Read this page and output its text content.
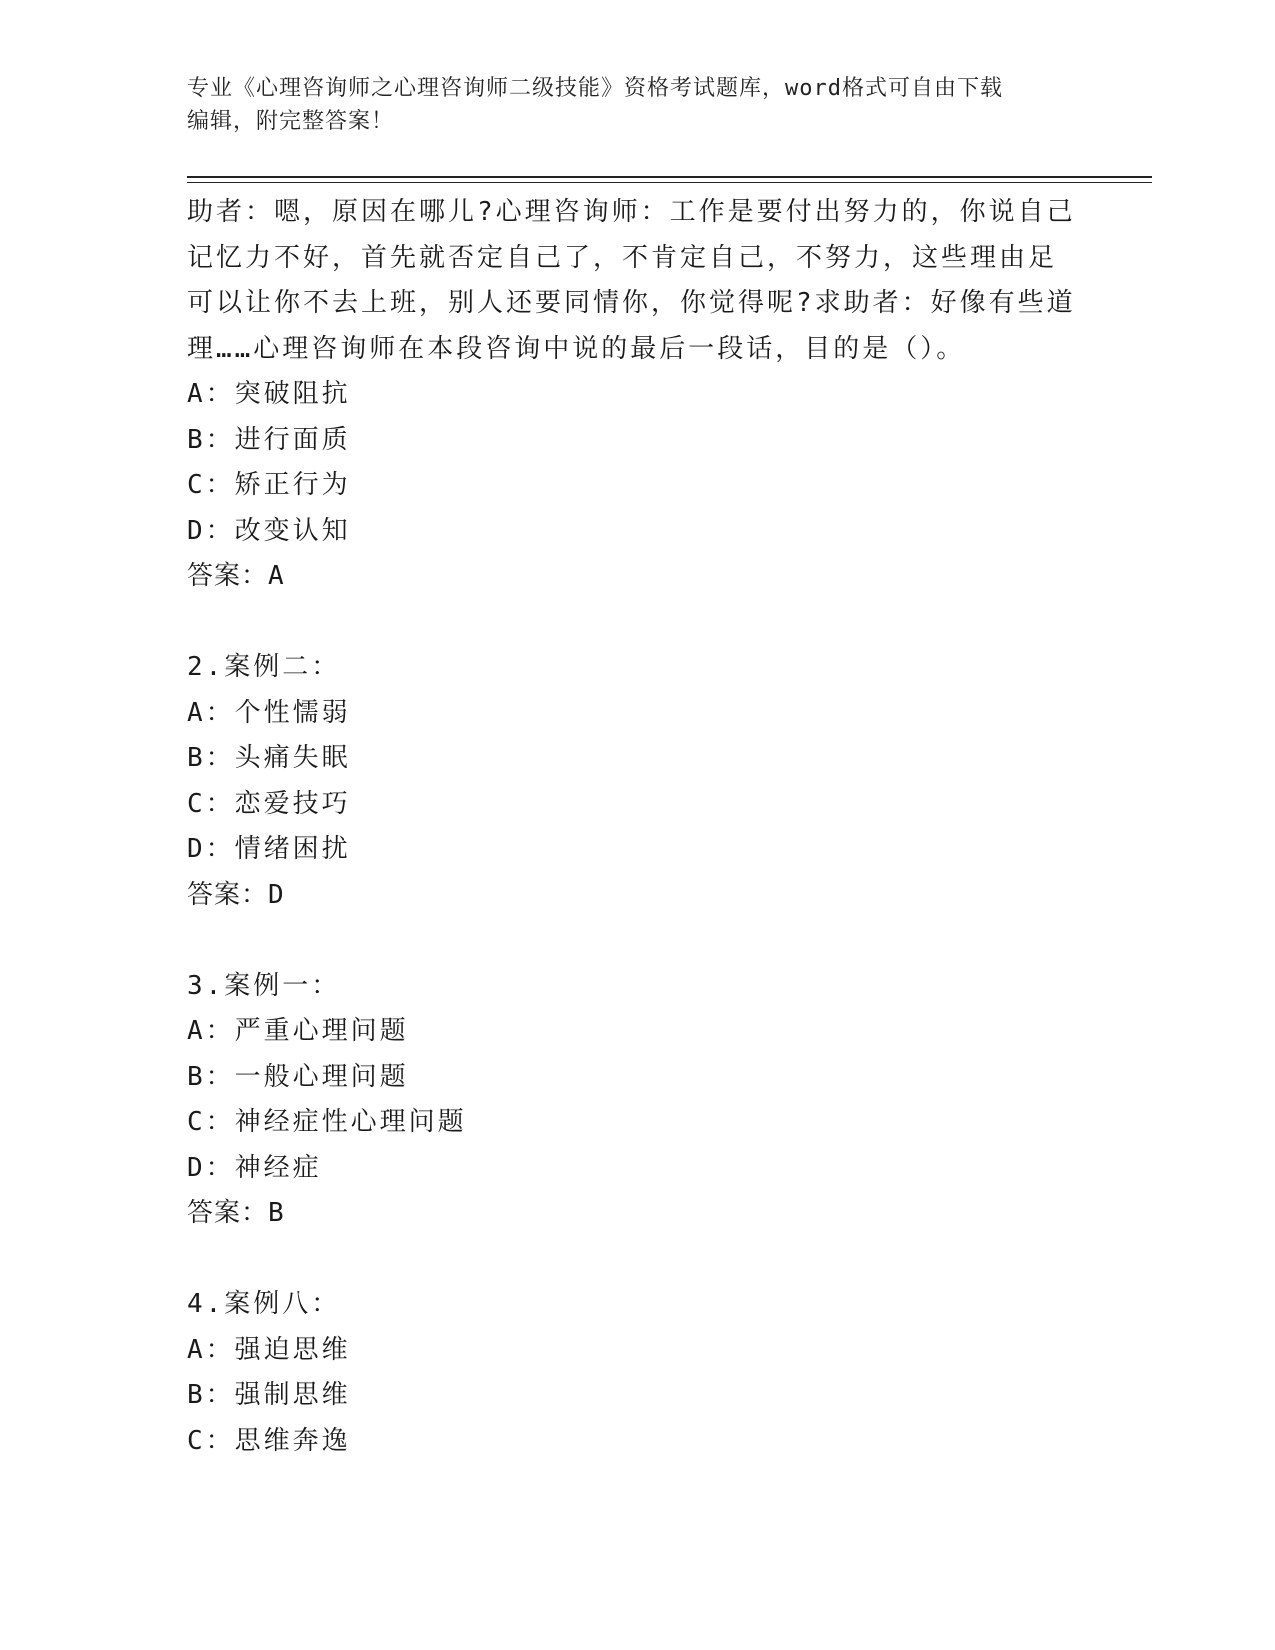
专业《心理咨询师之心理咨询师二级技能》资格考试题库，word格式可自由下载
编辑，附完整答案！
助者：嗯，原因在哪儿?心理咨询师：工作是要付出努力的，你说自己
记忆力不好，首先就否定自己了，不肯定自己，不努力，这些理由足
可以让你不去上班，别人还要同情你，你觉得呢?求助者：好像有些道
理……心理咨询师在本段咨询中说的最后一段话，目的是（）。
A：突破阻抗
B：进行面质
C：矫正行为
D：改变认知
答案：A
2.案例二：
A：个性懦弱
B：头痛失眠
C：恋爱技巧
D：情绪困扰
答案：D
3.案例一：
A：严重心理问题
B：一般心理问题
C：神经症性心理问题
D：神经症
答案：B
4.案例八：
A：强迫思维
B：强制思维
C：思维奔逸
